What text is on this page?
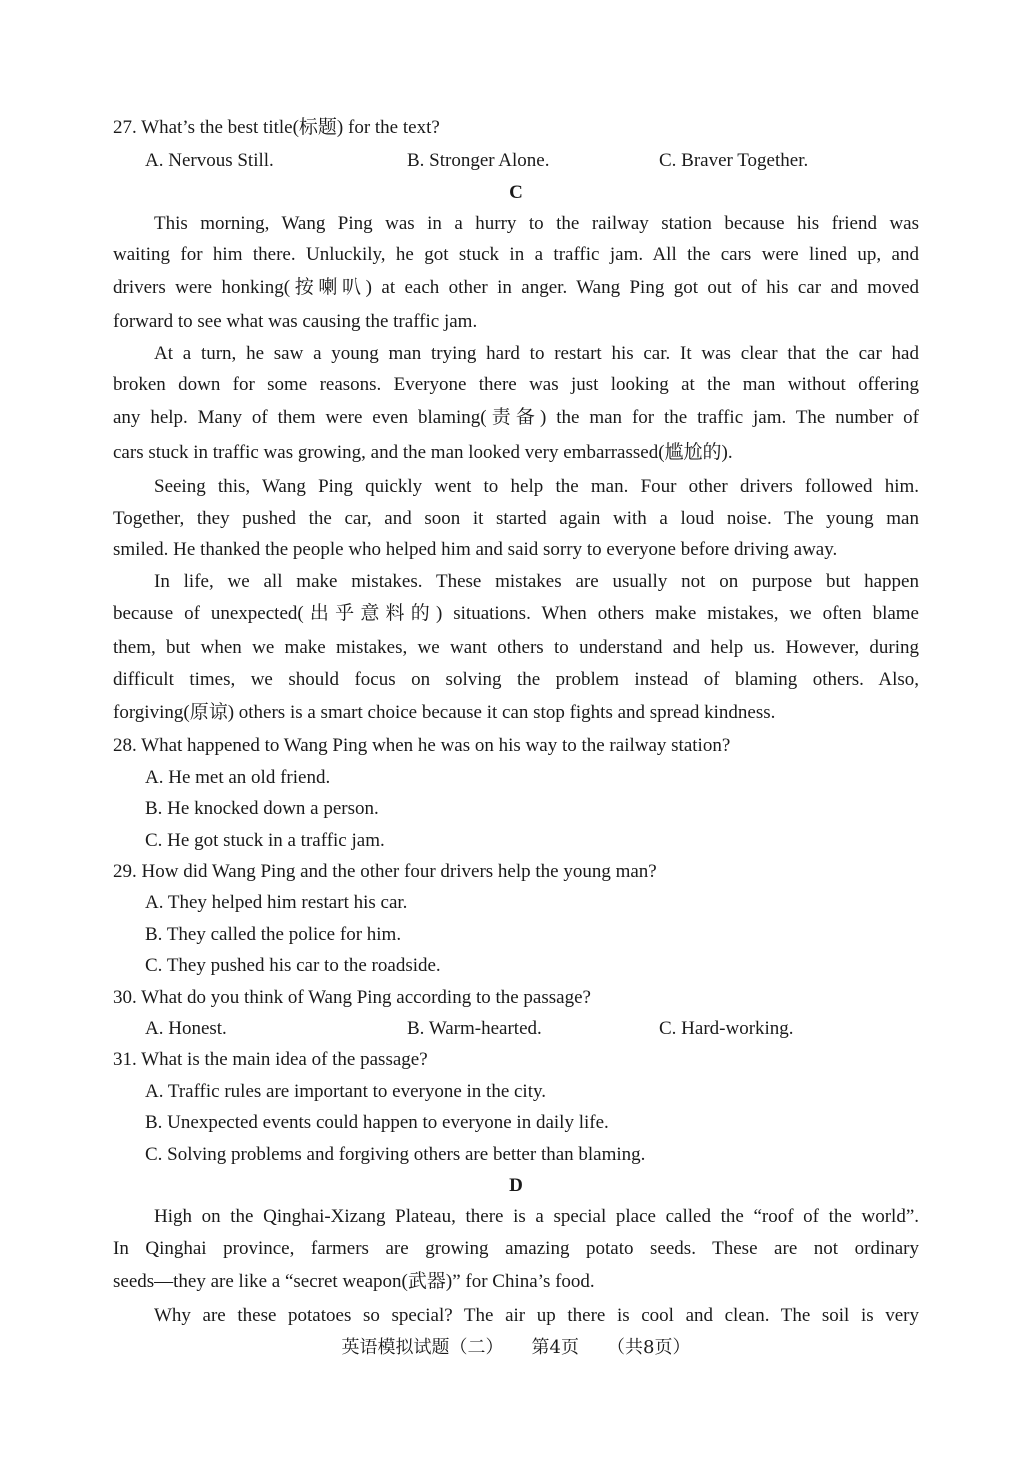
27. What’s the best title(标题) for the text?
A. Nervous Still.	B. Stronger Alone.	C. Braver Together.
C
This morning, Wang Ping was in a hurry to the railway station because his friend was
waiting for him there. Unluckily, he got stuck in a traffic jam. All the cars were lined up, and
drivers were honking(按喇叭) at each other in anger. Wang Ping got out of his car and moved
forward to see what was causing the traffic jam.
At a turn, he saw a young man trying hard to restart his car. It was clear that the car had
broken down for some reasons. Everyone there was just looking at the man without offering
any help. Many of them were even blaming(责备) the man for the traffic jam. The number of
cars stuck in traffic was growing, and the man looked very embarrassed(尴尬的).
Seeing this, Wang Ping quickly went to help the man. Four other drivers followed him.
Together, they pushed the car, and soon it started again with a loud noise. The young man
smiled. He thanked the people who helped him and said sorry to everyone before driving away.
In life, we all make mistakes. These mistakes are usually not on purpose but happen
because of unexpected(出乎意料的) situations. When others make mistakes, we often blame
them, but when we make mistakes, we want others to understand and help us. However, during
difficult times, we should focus on solving the problem instead of blaming others. Also,
forgiving(原谅) others is a smart choice because it can stop fights and spread kindness.
28. What happened to Wang Ping when he was on his way to the railway station?
A. He met an old friend.
B. He knocked down a person.
C. He got stuck in a traffic jam.
29. How did Wang Ping and the other four drivers help the young man?
A. They helped him restart his car.
B. They called the police for him.
C. They pushed his car to the roadside.
30. What do you think of Wang Ping according to the passage?
A. Honest.	B. Warm-hearted.	C. Hard-working.
31. What is the main idea of the passage?
A. Traffic rules are important to everyone in the city.
B. Unexpected events could happen to everyone in daily life.
C. Solving problems and forgiving others are better than blaming.
D
High on the Qinghai-Xizang Plateau, there is a special place called the “roof of the world”.
In Qinghai province, farmers are growing amazing potato seeds. These are not ordinary
seeds—they are like a “secret weapon(武器)” for China’s food.
Why are these potatoes so special? The air up there is cool and clean. The soil is very
英语模拟试题（二） 第4页 （共8页）
